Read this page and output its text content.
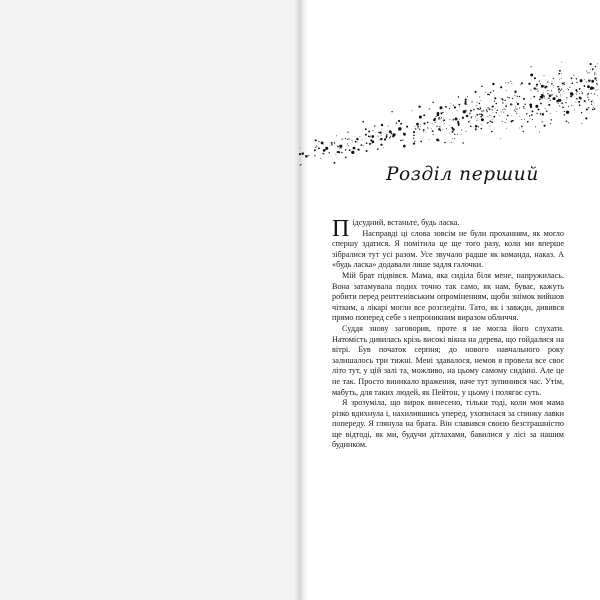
Розділ перший

Підсудний, встаньте, будь ласка.

Насправді ці слова зовсім не були проханням, як могло спершу здатися. Я помітила це ще того разу, коли ми вперше зібралися тут усі разом. Усе звучало радше як команда, наказ. А «будь ласка» додавали лише задля галочки.

Мій брат підвівся. Мама, яка сиділа біля мене, напружилась. Вона затамувала подих точно так само, як нам, буває, кажуть робити перед рентгенівським опроміненням, щоби знімок вийшов чітким, а лікарі могли все розгледіти. Тато, як і завжди, дивився прямо поперед себе з непроникним виразом обличчя.

Суддя знову заговорив, проте я не могла його слухати. Натомість дивилась крізь високі вікна на дерева, що гойдалися на вітрі. Був початок серпня; до нового навчального року залишалось три тижні. Мені здавалося, немов я провела все своє літо тут, у цій залі та, можливо, на цьому самому сидінні. Але це не так. Просто виникало враження, наче тут зупинився час. Утім, мабуть, для таких людей, як Пейтон, у цьому і полягає суть.

Я зрозуміла, що вирок винесено, тільки тоді, коли моя мама різко вдихнула і, нахилившись уперед, ухопилася за спинку лавки попереду. Я глянула на брата. Він славився своєю безстрашністю ще відтоді, як ми, будучи дітлахами, бавилися у лісі за нашим будинком.
